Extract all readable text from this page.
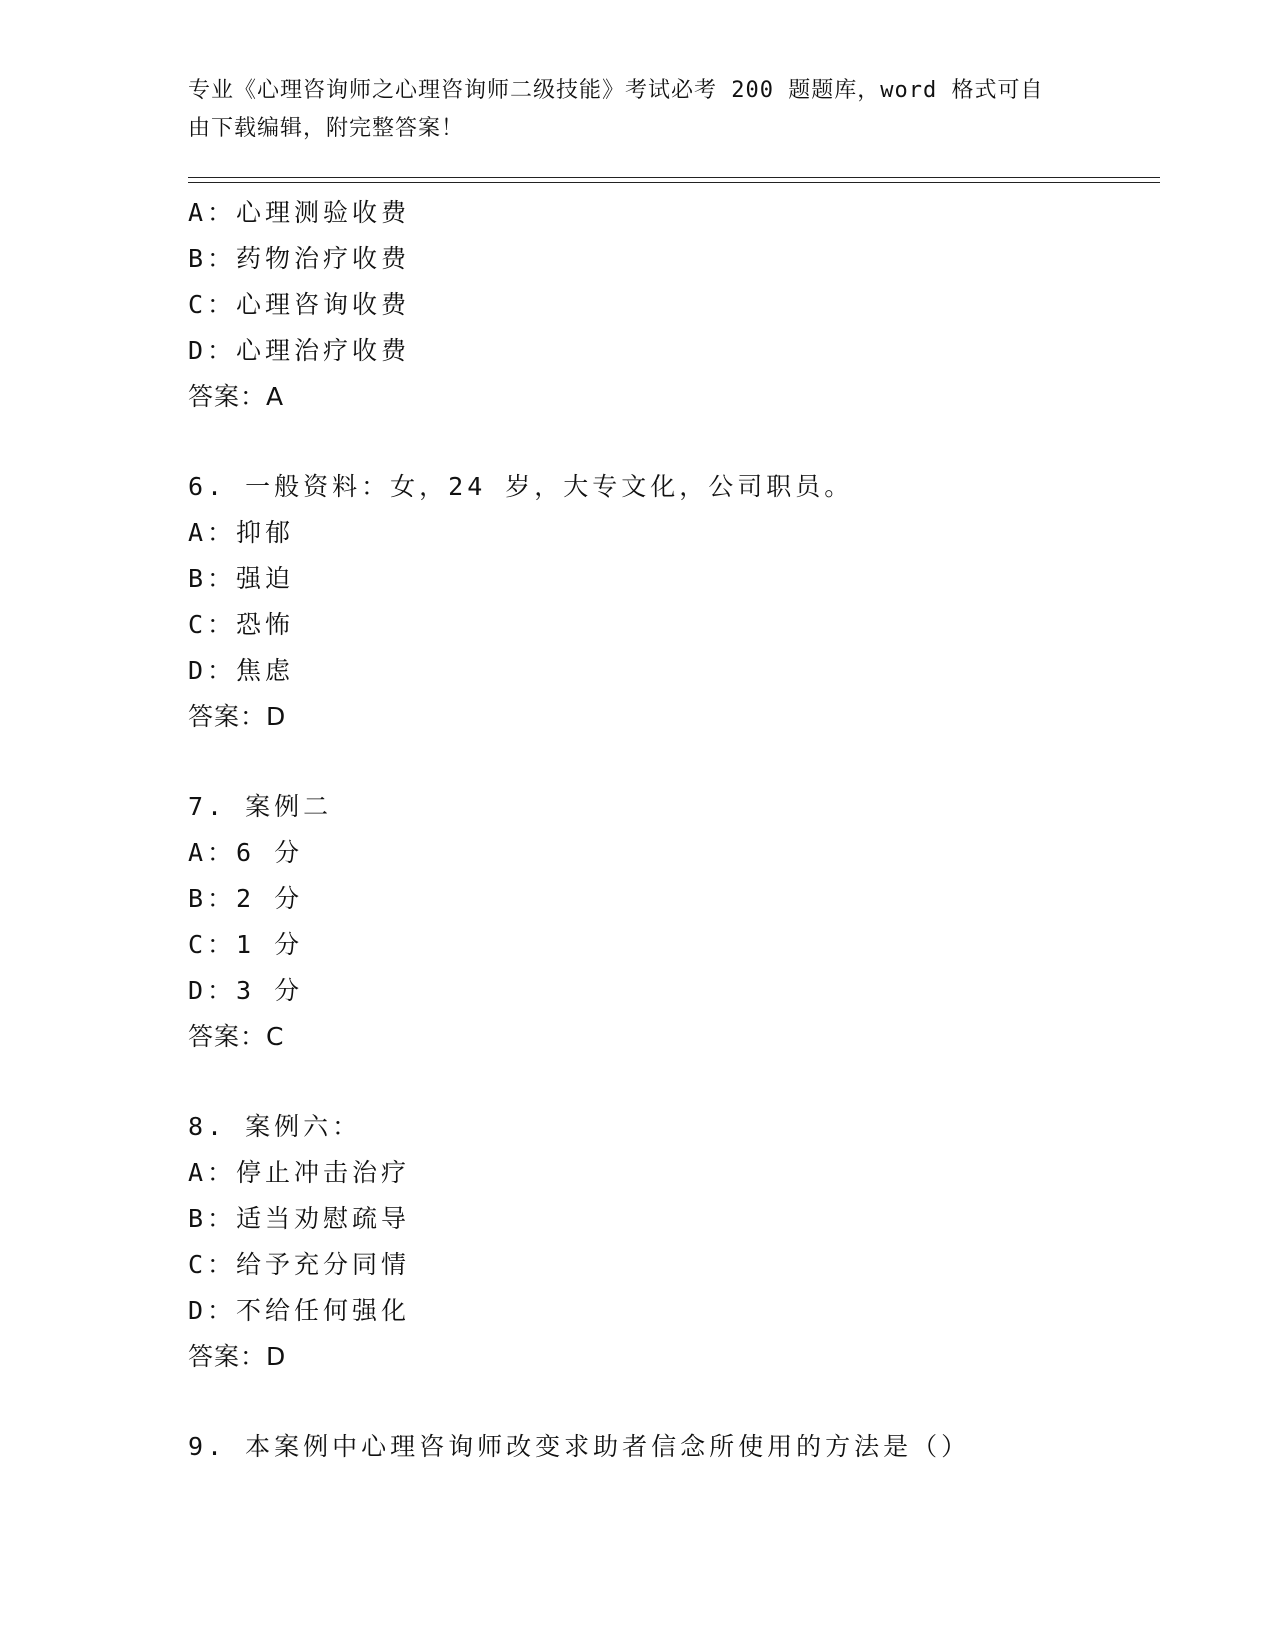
专业《心理咨询师之心理咨询师二级技能》考试必考 200 题题库，word 格式可自
由下载编辑，附完整答案！
A：心理测验收费
B：药物治疗收费
C：心理咨询收费
D：心理治疗收费
答案：A
6. 一般资料：女，24 岁，大专文化，公司职员。
A：抑郁
B：强迫
C：恐怖
D：焦虑
答案：D
7. 案例二
A：6 分
B：2 分
C：1 分
D：3 分
答案：C
8. 案例六：
A：停止冲击治疗
B：适当劝慰疏导
C：给予充分同情
D：不给任何强化
答案：D
9. 本案例中心理咨询师改变求助者信念所使用的方法是（）
